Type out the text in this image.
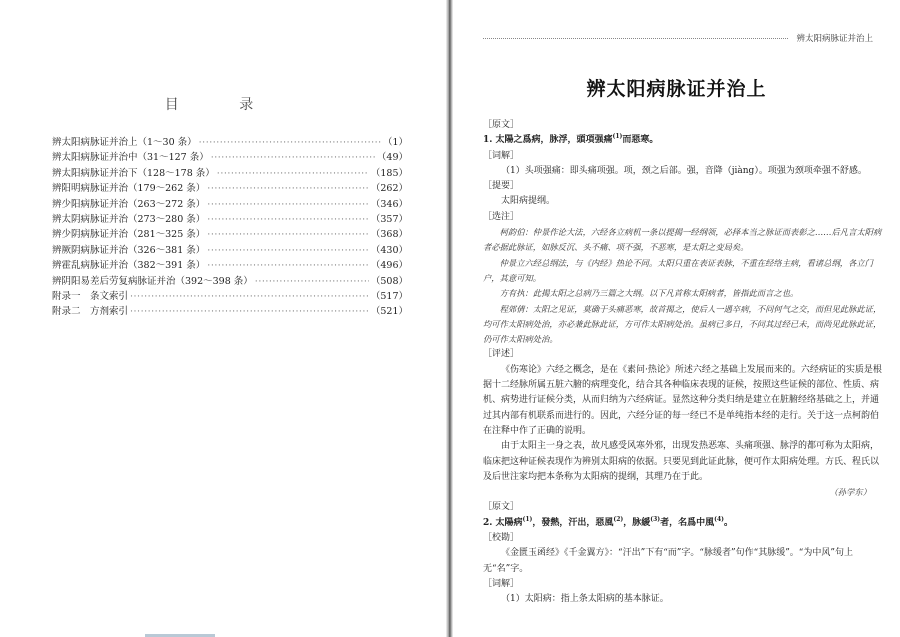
目 录
辨太阳病脉证并治上（1～30 条） ·····	（1）
辨太阳病脉证并治中（31～127 条） ·····	（49）
辨太阳病脉证并治下（128～178 条） ·····	（185）
辨阳明病脉证并治（179～262 条） ·····	（262）
辨少阳病脉证并治（263～272 条） ·····	（346）
辨太阴病脉证并治（273～280 条） ·····	（357）
辨少阴病脉证并治（281～325 条） ·····	（368）
辨厥阴病脉证并治（326～381 条） ·····	（430）
辨霍乱病脉证并治（382～391 条） ·····	（496）
辨阴阳易差后劳复病脉证并治（392～398 条） ·····	（508）
附录一　条文索引 ·····	（517）
附录二　方剂索引 ·····	（521）
辨太阳病脉证并治上
辨太阳病脉证并治上
［原文］
1. 太陽之爲病，脉浮，頭項强痛$^{(1)}$而惡寒。
［词解］
（1）头项强痛：即头痛项强。项，颈之后部。强，音降（jiàng）。项强为颈项牵强不舒感。
［提要］
太阳病提纲。
［选注］
柯韵伯：仲景作论大法，六经各立病机一条以提揭一经纲领，必择本当之脉证而表彰之……后凡言太阳病者必据此脉证，如脉反沉、头不痛、项不强，不恶寒，是太阳之变局矣。
仲景立六经总纲法，与《内经》热论不同。太阳只重在表证表脉，不重在经络主病，看诸总纲，各立门户，其意可知。
方有执：此揭太阳之总病乃三篇之大纲。以下凡首称太阳病者，皆指此而言之也。
程郊倩：太阳之见证，莫确于头痛恶寒，故首揭之，使后人一遇卒病，不问何气之交，而但见此脉此证，均可作太阳病处治，亦必兼此脉此证，方可作太阳病处治。虽病已多日，不问其过经已未，而尚见此脉此证，仍可作太阳病处治。
［评述］
《伤寒论》六经之概念，是在《素问·热论》所述六经之基础上发展而来的。六经病证的实质是根据十二经脉所属五脏六腑的病理变化，结合其各种临床表现的证候，按照这些证候的部位、性质、病机、病势进行证候分类，从而归纳为六经病证。显然这种分类归纳是建立在脏腑经络基础之上，并通过其内部有机联系而进行的。因此，六经分证的每一经已不是单纯指本经的走行。关于这一点柯韵伯在注释中作了正确的说明。
由于太阳主一身之表，故凡感受风寒外邪，出现发热恶寒、头痛项强、脉浮的都可称为太阳病，临床把这种证候表现作为辨别太阳病的依据。只要见到此证此脉，便可作太阳病处理。方氏、程氏以及后世注家均把本条称为太阳病的提纲，其理乃在于此。
（孙学东）
［原文］
2. 太陽病$^{(1)}$，發熱，汗出，惡風$^{(2)}$，脉緩$^{(3)}$者，名爲中風$^{(4)}$。
［校勘］
《金匮玉函经》《千金翼方》：“汗出”下有“而”字。“脉缓者”句作“其脉缓”。“为中风”句上无“名”字。
［词解］
（1）太阳病：指上条太阳病的基本脉证。
